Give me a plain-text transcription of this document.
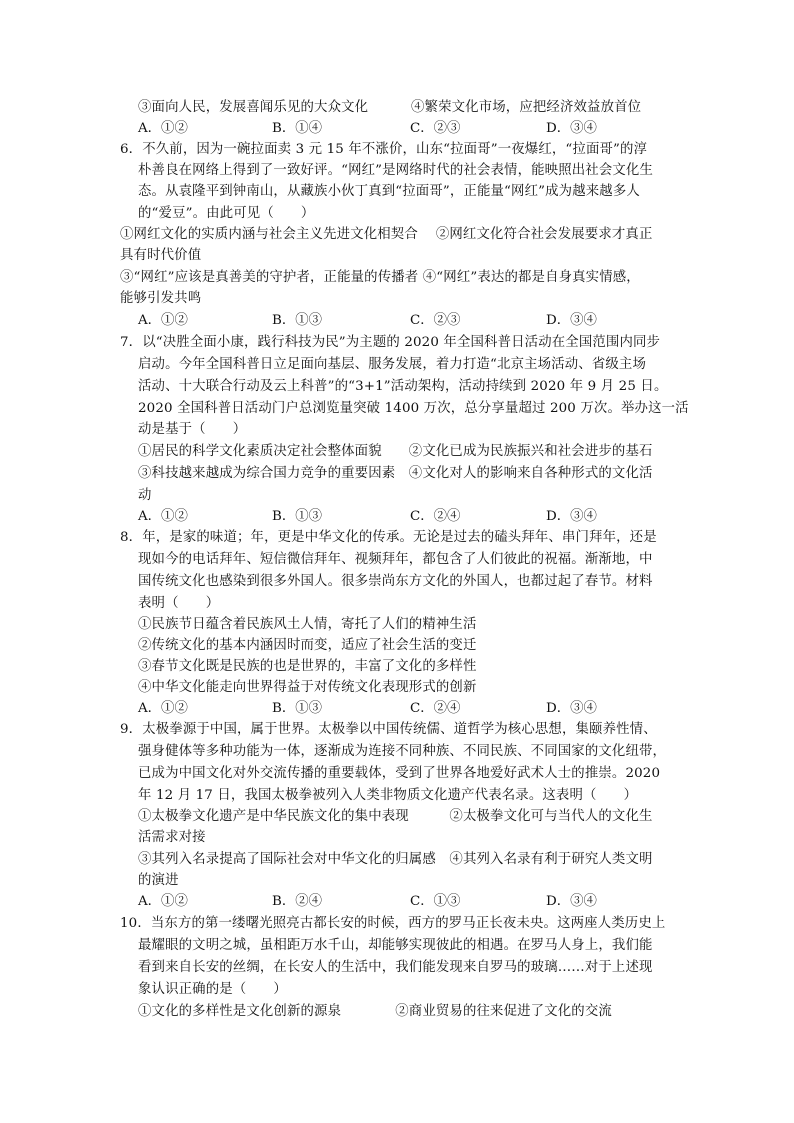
③面向人民，发展喜闻乐见的大众文化	④繁荣文化市场，应把经济效益放首位
A．①②	B．①④	C．②③	D．③④
6．不久前，因为一碗拉面卖 3 元 15 年不涨价，山东“拉面哥”一夜爆红，“拉面哥”的淳
朴善良在网络上得到了一致好评。“网红”是网络时代的社会表情，能映照出社会文化生
态。从袁隆平到钟南山，从藏族小伙丁真到“拉面哥”，正能量“网红”成为越来越多人
的“爱豆”。由此可见（　　）
①网红文化的实质内涵与社会主义先进文化相契合　 ②网红文化符合社会发展要求才真正
具有时代价值
③“网红”应该是真善美的守护者，正能量的传播者 ④“网红”表达的都是自身真实情感，
能够引发共鸣
A．①②	B．①③	C．②③	D．③④
7．以“决胜全面小康，践行科技为民”为主题的 2020 年全国科普日活动在全国范围内同步
启动。今年全国科普日立足面向基层、服务发展，着力打造“北京主场活动、省级主场
活动、十大联合行动及云上科普”的“3+1”活动架构，活动持续到 2020 年 9 月 25 日。
2020 全国科普日活动门户总浏览量突破 1400 万次，总分享量超过 200 万次。举办这一活
动是基于（　　）
①居民的科学文化素质决定社会整体面貌　　②文化已成为民族振兴和社会进步的基石
③科技越来越成为综合国力竞争的重要因素　④文化对人的影响来自各种形式的文化活
动
A．①②	B．①③	C．②④	D．③④
8．年，是家的味道；年，更是中华文化的传承。无论是过去的磕头拜年、串门拜年，还是
现如今的电话拜年、短信微信拜年、视频拜年，都包含了人们彼此的祝福。渐渐地，中
国传统文化也感染到很多外国人。很多崇尚东方文化的外国人，也都过起了春节。材料
表明（　　）
①民族节日蕴含着民族风土人情，寄托了人们的精神生活
②传统文化的基本内涵因时而变，适应了社会生活的变迁
③春节文化既是民族的也是世界的，丰富了文化的多样性
④中华文化能走向世界得益于对传统文化表现形式的创新
A．①②	B．①③	C．②④	D．③④
9．太极拳源于中国，属于世界。太极拳以中国传统儒、道哲学为核心思想，集颐养性情、
强身健体等多种功能为一体，逐渐成为连接不同种族、不同民族、不同国家的文化纽带，
已成为中国文化对外交流传播的重要载体，受到了世界各地爱好武术人士的推崇。2020
年 12 月 17 日，我国太极拳被列入人类非物质文化遗产代表名录。这表明（　　）
①太极拳文化遗产是中华民族文化的集中表现　　　②太极拳文化可与当代人的文化生
活需求对接
③其列入名录提高了国际社会对中华文化的归属感　④其列入名录有利于研究人类文明
的演进
A．①②	B．②④	C．①③	D．③④
10．当东方的第一缕曙光照亮古都长安的时候，西方的罗马正长夜未央。这两座人类历史上
最耀眼的文明之城，虽相距万水千山，却能够实现彼此的相遇。在罗马人身上，我们能
看到来自长安的丝绸，在长安人的生活中，我们能发现来自罗马的玻璃……对于上述现
象认识正确的是（　　）
①文化的多样性是文化创新的源泉　　　　②商业贸易的往来促进了文化的交流
